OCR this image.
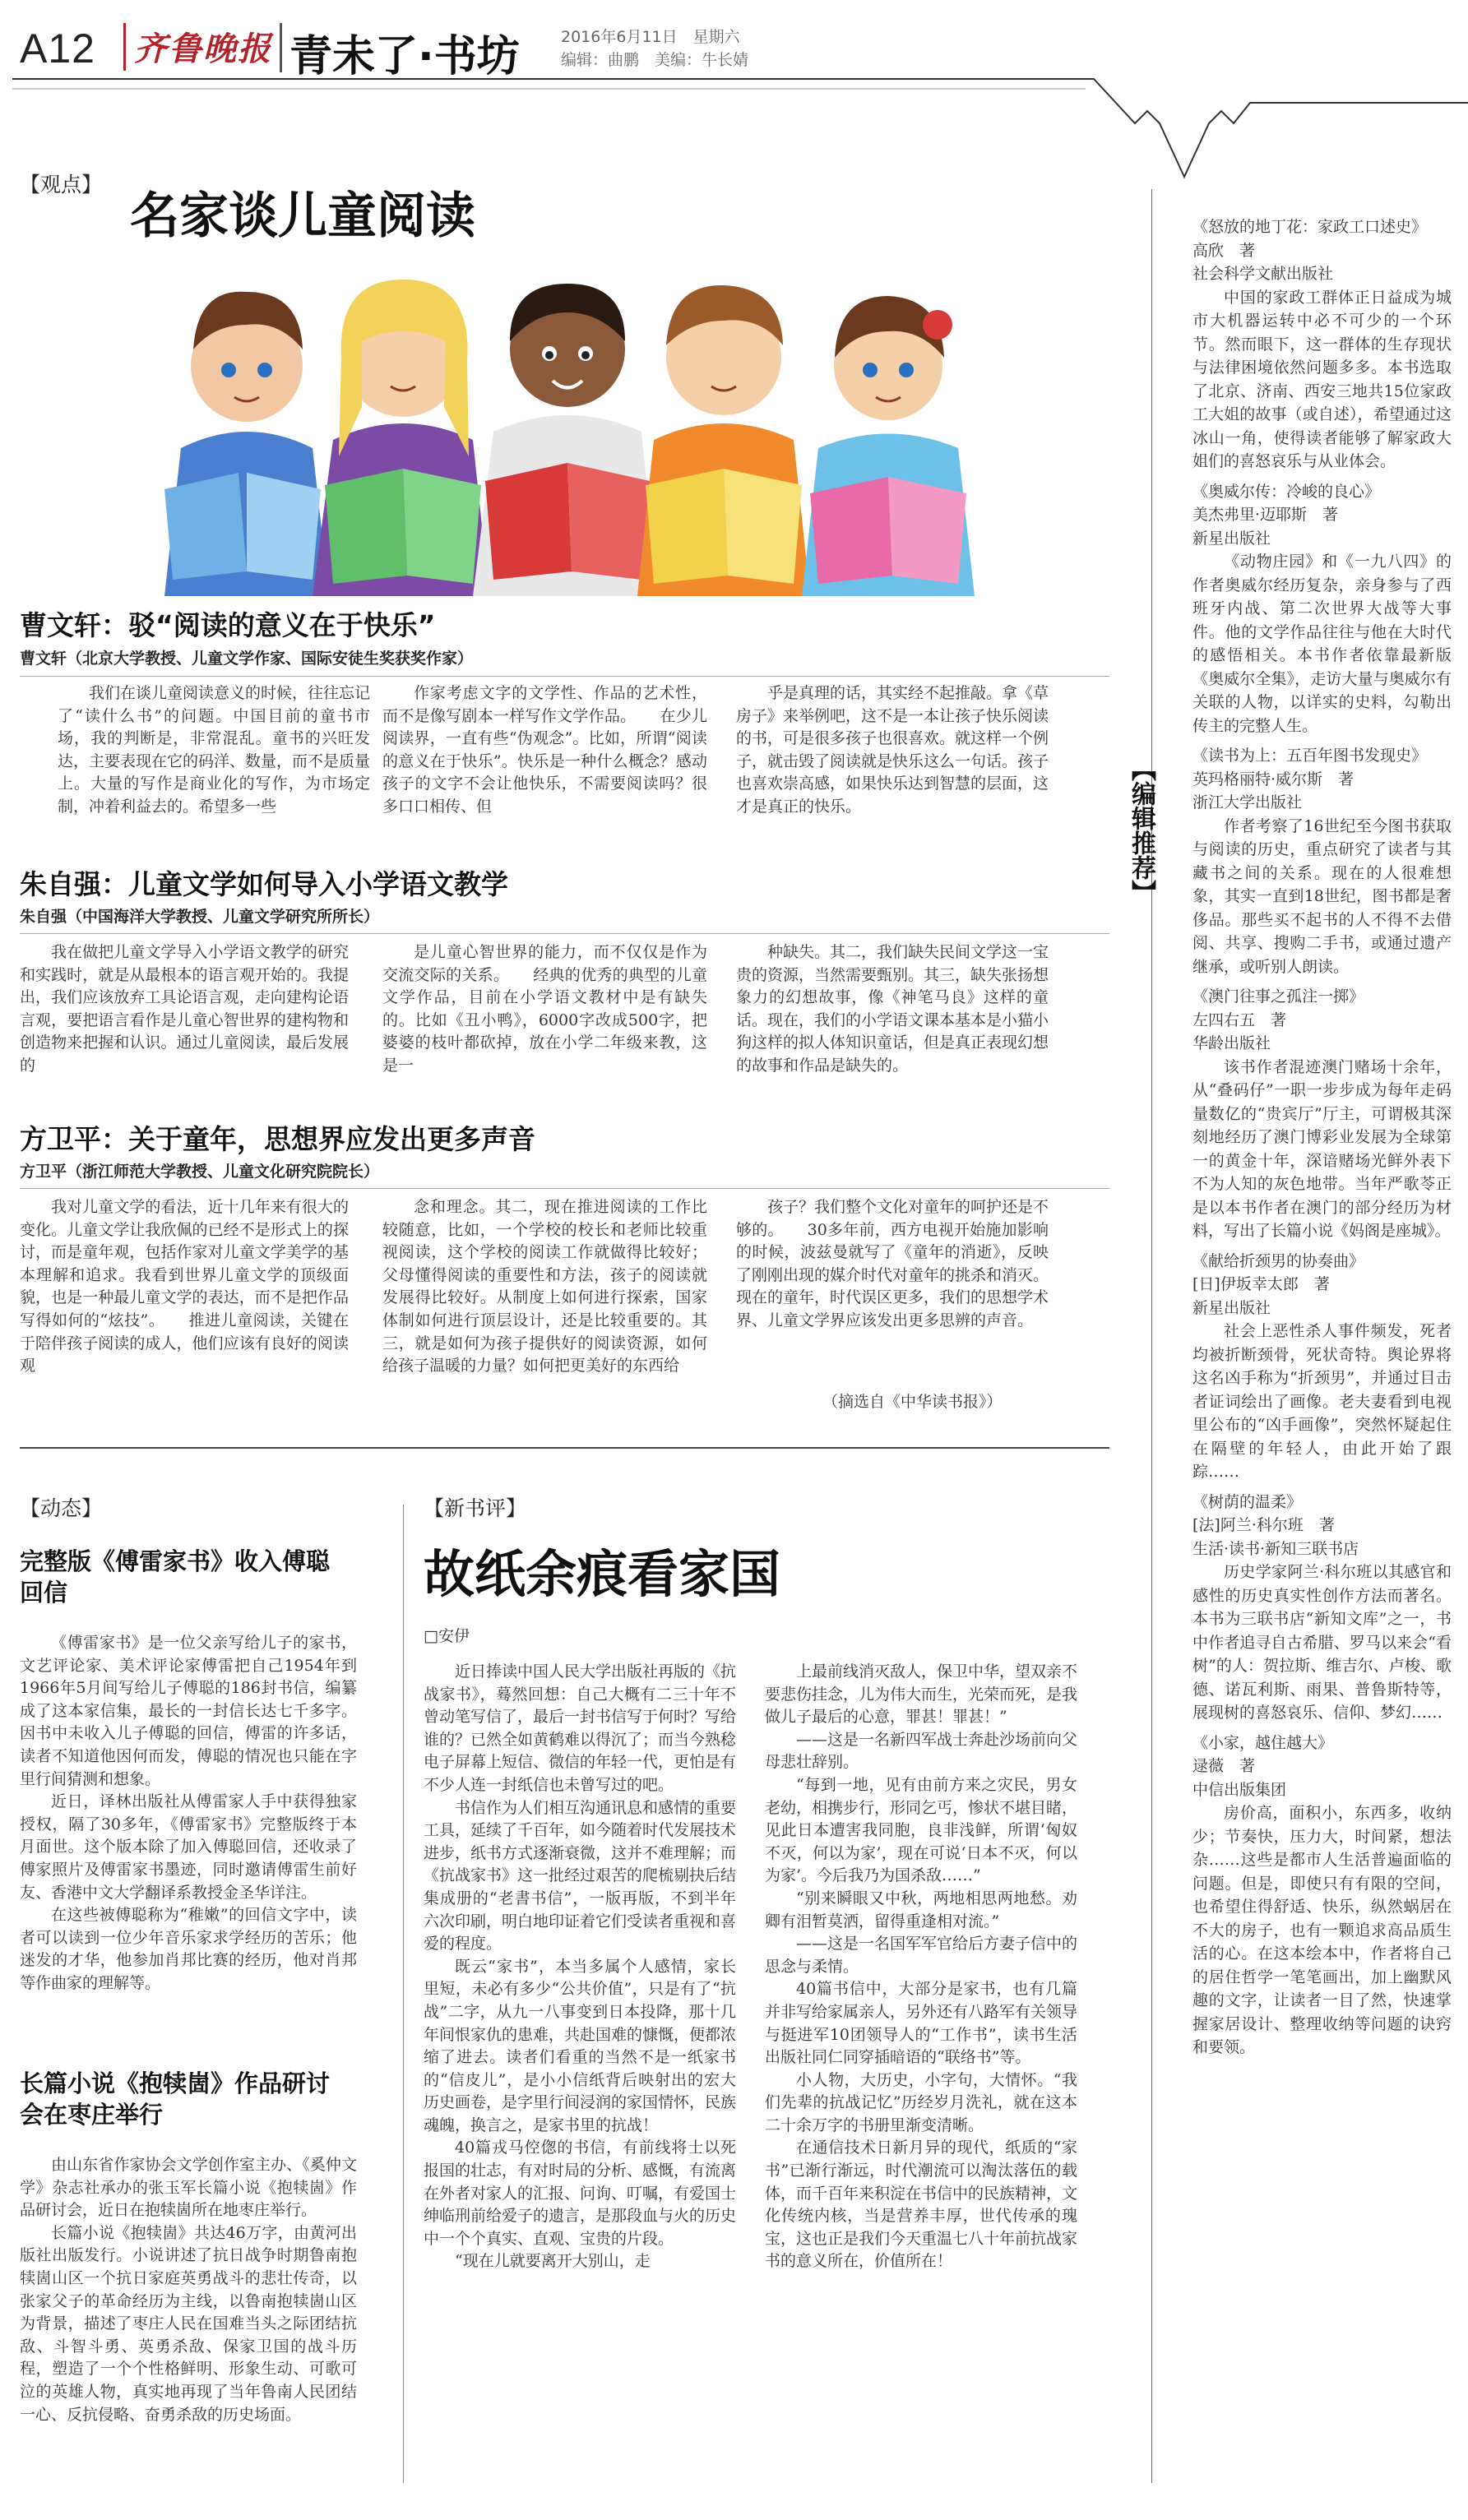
A12	齐鲁晚报 青未了·书坊	2016年6月11日　星期六
编辑：曲鹏　美编：牛长婧
【观点】
名家谈儿童阅读
曹文轩：驳“阅读的意义在于快乐”
曹文轩（北京大学教授、儿童文学作家、国际安徒生奖获奖作家）

我们在谈儿童阅读意义的时候，往往忘记了“读什么书”的问题。中国目前的童书市场，我的判断是，非常混乱。童书的兴旺发达，主要表现在它的码洋、数量，而不是质量上。大量的写作是商业化的写作，为市场定制，冲着利益去的。希望多一些

作家考虑文字的文学性、作品的艺术性，而不是像写剧本一样写作文学作品。　　在少儿阅读界，一直有些“伪观念”。比如，所谓“阅读的意义在于快乐”。快乐是一种什么概念？感动孩子的文字不会让他快乐，不需要阅读吗？很多口口相传、但

乎是真理的话，其实经不起推敲。拿《草房子》来举例吧，这不是一本让孩子快乐阅读的书，可是很多孩子也很喜欢。就这样一个例子，就击毁了阅读就是快乐这么一句话。孩子也喜欢崇高感，如果快乐达到智慧的层面，这才是真正的快乐。

朱自强：儿童文学如何导入小学语文教学
朱自强（中国海洋大学教授、儿童文学研究所所长）

我在做把儿童文学导入小学语文教学的研究和实践时，就是从最根本的语言观开始的。我提出，我们应该放弃工具论语言观，走向建构论语言观，要把语言看作是儿童心智世界的建构物和创造物来把握和认识。通过儿童阅读，最后发展的

是儿童心智世界的能力，而不仅仅是作为交流交际的关系。　　经典的优秀的典型的儿童文学作品，目前在小学语文教材中是有缺失的。比如《丑小鸭》，6000字改成500字，把婆婆的枝叶都砍掉，放在小学二年级来教，这是一

种缺失。其二，我们缺失民间文学这一宝贵的资源，当然需要甄别。其三，缺失张扬想象力的幻想故事，像《神笔马良》这样的童话。现在，我们的小学语文课本基本是小猫小狗这样的拟人体知识童话，但是真正表现幻想的故事和作品是缺失的。

方卫平：关于童年，思想界应发出更多声音
方卫平（浙江师范大学教授、儿童文化研究院院长）

我对儿童文学的看法，近十几年来有很大的变化。儿童文学让我欣佩的已经不是形式上的探讨，而是童年观，包括作家对儿童文学美学的基本理解和追求。我看到世界儿童文学的顶级面貌，也是一种最儿童文学的表达，而不是把作品写得如何的“炫技”。　　推进儿童阅读，关键在于陪伴孩子阅读的成人，他们应该有良好的阅读观

念和理念。其二，现在推进阅读的工作比较随意，比如，一个学校的校长和老师比较重视阅读，这个学校的阅读工作就做得比较好；父母懂得阅读的重要性和方法，孩子的阅读就发展得比较好。从制度上如何进行探索，国家体制如何进行顶层设计，还是比较重要的。其三，就是如何为孩子提供好的阅读资源，如何给孩子温暖的力量？如何把更美好的东西给

孩子？我们整个文化对童年的呵护还是不够的。　　30多年前，西方电视开始施加影响的时候，波兹曼就写了《童年的消逝》，反映了刚刚出现的媒介时代对童年的挑杀和消灭。现在的童年，时代误区更多，我们的思想学术界、儿童文学界应该发出更多思辨的声音。

（摘选自《中华读书报》）
【动态】
完整版《傅雷家书》收入傅聪回信

《傅雷家书》是一位父亲写给儿子的家书，文艺评论家、美术评论家傅雷把自己1954年到1966年5月间写给儿子傅聪的186封书信，编纂成了这本家信集，最长的一封信长达七千多字。因书中未收入儿子傅聪的回信，傅雷的许多话，读者不知道他因何而发，傅聪的情况也只能在字里行间猜测和想象。

近日，译林出版社从傅雷家人手中获得独家授权，隔了30多年，《傅雷家书》完整版终于本月面世。这个版本除了加入傅聪回信，还收录了傅家照片及傅雷家书墨迹，同时邀请傅雷生前好友、香港中文大学翻译系教授金圣华详注。

在这些被傅聪称为“稚嫩”的回信文字中，读者可以读到一位少年音乐家求学经历的苦乐；他迷发的才华，他参加肖邦比赛的经历，他对肖邦等作曲家的理解等。

长篇小说《抱犊崮》作品研讨会在枣庄举行

由山东省作家协会文学创作室主办、《奚仲文学》杂志社承办的张玉军长篇小说《抱犊崮》作品研讨会，近日在抱犊崮所在地枣庄举行。

长篇小说《抱犊崮》共达46万字，由黄河出版社出版发行。小说讲述了抗日战争时期鲁南抱犊崮山区一个抗日家庭英勇战斗的悲壮传奇，以张家父子的革命经历为主线，以鲁南抱犊崮山区为背景，描述了枣庄人民在国难当头之际团结抗敌、斗智斗勇、英勇杀敌、保家卫国的战斗历程，塑造了一个个性格鲜明、形象生动、可歌可泣的英雄人物，真实地再现了当年鲁南人民团结一心、反抗侵略、奋勇杀敌的历史场面。

【新书评】
故纸余痕看家国
□安伊

近日捧读中国人民大学出版社再版的《抗战家书》，蓦然回想：自己大概有二三十年不曾动笔写信了，最后一封书信写于何时？写给谁的？已然全如黄鹤难以得沉了；而当今熟稔电子屏幕上短信、微信的年轻一代，更怕是有不少人连一封纸信也未曾写过的吧。

书信作为人们相互沟通讯息和感情的重要工具，延续了千百年，如今随着时代发展技术进步，纸书方式逐渐衰微，这并不难理解；而《抗战家书》这一批经过艰苦的爬梳剔抉后结集成册的“老書书信”，一版再版，不到半年六次印刷，明白地印证着它们受读者重视和喜爱的程度。

既云“家书”，本当多属个人感情，家长里短，未必有多少“公共价值”，只是有了“抗战”二字，从九一八事变到日本投降，那十几年间恨家仇的患难，共赴国难的慷慨，便都浓缩了进去。读者们看重的当然不是一纸家书的“信皮儿”，是小小信纸背后映射出的宏大历史画卷，是字里行间浸润的家国情怀，民族魂魄，换言之，是家书里的抗战！

40篇戎马倥偬的书信，有前线将士以死报国的壮志，有对时局的分析、感慨，有流离在外者对家人的汇报、问询、叮嘱，有爱国士绅临刑前给爱子的遗言，是那段血与火的历史中一个个真实、直观、宝贵的片段。

“现在儿就要离开大别山，走

上最前线消灭敌人，保卫中华，望双亲不要悲伤挂念，儿为伟大而生，光荣而死，是我做儿子最后的心意，罪甚！罪甚！”

——这是一名新四军战士奔赴沙场前向父母悲壮辞别。

“每到一地，见有由前方来之灾民，男女老幼，相携步行，形同乞丐，惨状不堪目睹，见此日本遭害我同胞，良非浅鲜，所谓‘匈奴不灭，何以为家’，现在可说‘日本不灭，何以为家’。今后我乃为国杀敌……”

“别来瞬眼又中秋，两地相思两地愁。劝卿有泪暂莫洒，留得重逢相对流。”

——这是一名国军军官给后方妻子信中的思念与柔情。

40篇书信中，大部分是家书，也有几篇并非写给家属亲人，另外还有八路军有关领导与挺进军10团领导人的“工作书”，读书生活出版社同仁同穿插暗语的“联络书”等。

小人物，大历史，小字句，大情怀。“我们先辈的抗战记忆”历经岁月洗礼，就在这本二十余万字的书册里渐变清晰。

在通信技术日新月异的现代，纸质的“家书”已渐行渐远，时代潮流可以淘汰落伍的载体，而千百年来积淀在书信中的民族精神，文化传统内核，当是营养丰厚，世代传承的瑰宝，这也正是我们今天重温七八十年前抗战家书的意义所在，价值所在！

【编辑推荐】
《怒放的地丁花：家政工口述史》
高欣　著
社会科学文献出版社

中国的家政工群体正日益成为城市大机器运转中必不可少的一个环节。然而眼下，这一群体的生存现状与法律困境依然问题多多。本书选取了北京、济南、西安三地共15位家政工大姐的故事（或自述），希望通过这冰山一角，使得读者能够了解家政大姐们的喜怒哀乐与从业体会。

《奥威尔传：冷峻的良心》
美杰弗里·迈耶斯　著
新星出版社

《动物庄园》和《一九八四》的作者奥威尔经历复杂，亲身参与了西班牙内战、第二次世界大战等大事件。他的文学作品往往与他在大时代的感悟相关。本书作者依靠最新版《奥威尔全集》，走访大量与奥威尔有关联的人物，以详实的史料，勾勒出传主的完整人生。

《读书为上：五百年图书发现史》
英玛格丽特·威尔斯　著
浙江大学出版社

作者考察了16世纪至今图书获取与阅读的历史，重点研究了读者与其藏书之间的关系。现在的人很难想象，其实一直到18世纪，图书都是奢侈品。那些买不起书的人不得不去借阅、共享、搜购二手书，或通过遗产继承，或听别人朗读。

《澳门往事之孤注一掷》
左四右五　著
华龄出版社

该书作者混迹澳门赌场十余年，从“叠码仔”一职一步步成为每年走码量数亿的“贵宾厅”厅主，可谓极其深刻地经历了澳门博彩业发展为全球第一的黄金十年，深谙赌场光鲜外表下不为人知的灰色地带。当年严歌苓正是以本书作者在澳门的部分经历为材料，写出了长篇小说《妈阁是座城》。

《献给折颈男的协奏曲》
[日]伊坂幸太郎　著
新星出版社

社会上恶性杀人事件频发，死者均被折断颈骨，死状奇特。舆论界将这名凶手称为“折颈男”，并通过目击者证词绘出了画像。老夫妻看到电视里公布的“凶手画像”，突然怀疑起住在隔壁的年轻人，由此开始了跟踪……

《树荫的温柔》
[法]阿兰·科尔班　著
生活·读书·新知三联书店

历史学家阿兰·科尔班以其感官和感性的历史真实性创作方法而著名。本书为三联书店“新知文库”之一，书中作者追寻自古希腊、罗马以来会“看树”的人：贺拉斯、维吉尔、卢梭、歌德、诺瓦利斯、雨果、普鲁斯特等，展现树的喜怒哀乐、信仰、梦幻……

《小家，越住越大》
逯薇　著
中信出版集团

房价高，面积小，东西多，收纳少；节奏快，压力大，时间紧，想法杂……这些是都市人生活普遍面临的问题。但是，即使只有有限的空间，也希望住得舒适、快乐，纵然蜗居在不大的房子，也有一颗追求高品质生活的心。在这本绘本中，作者将自己的居住哲学一笔笔画出，加上幽默风趣的文字，让读者一目了然，快速掌握家居设计、整理收纳等问题的诀窍和要领。
